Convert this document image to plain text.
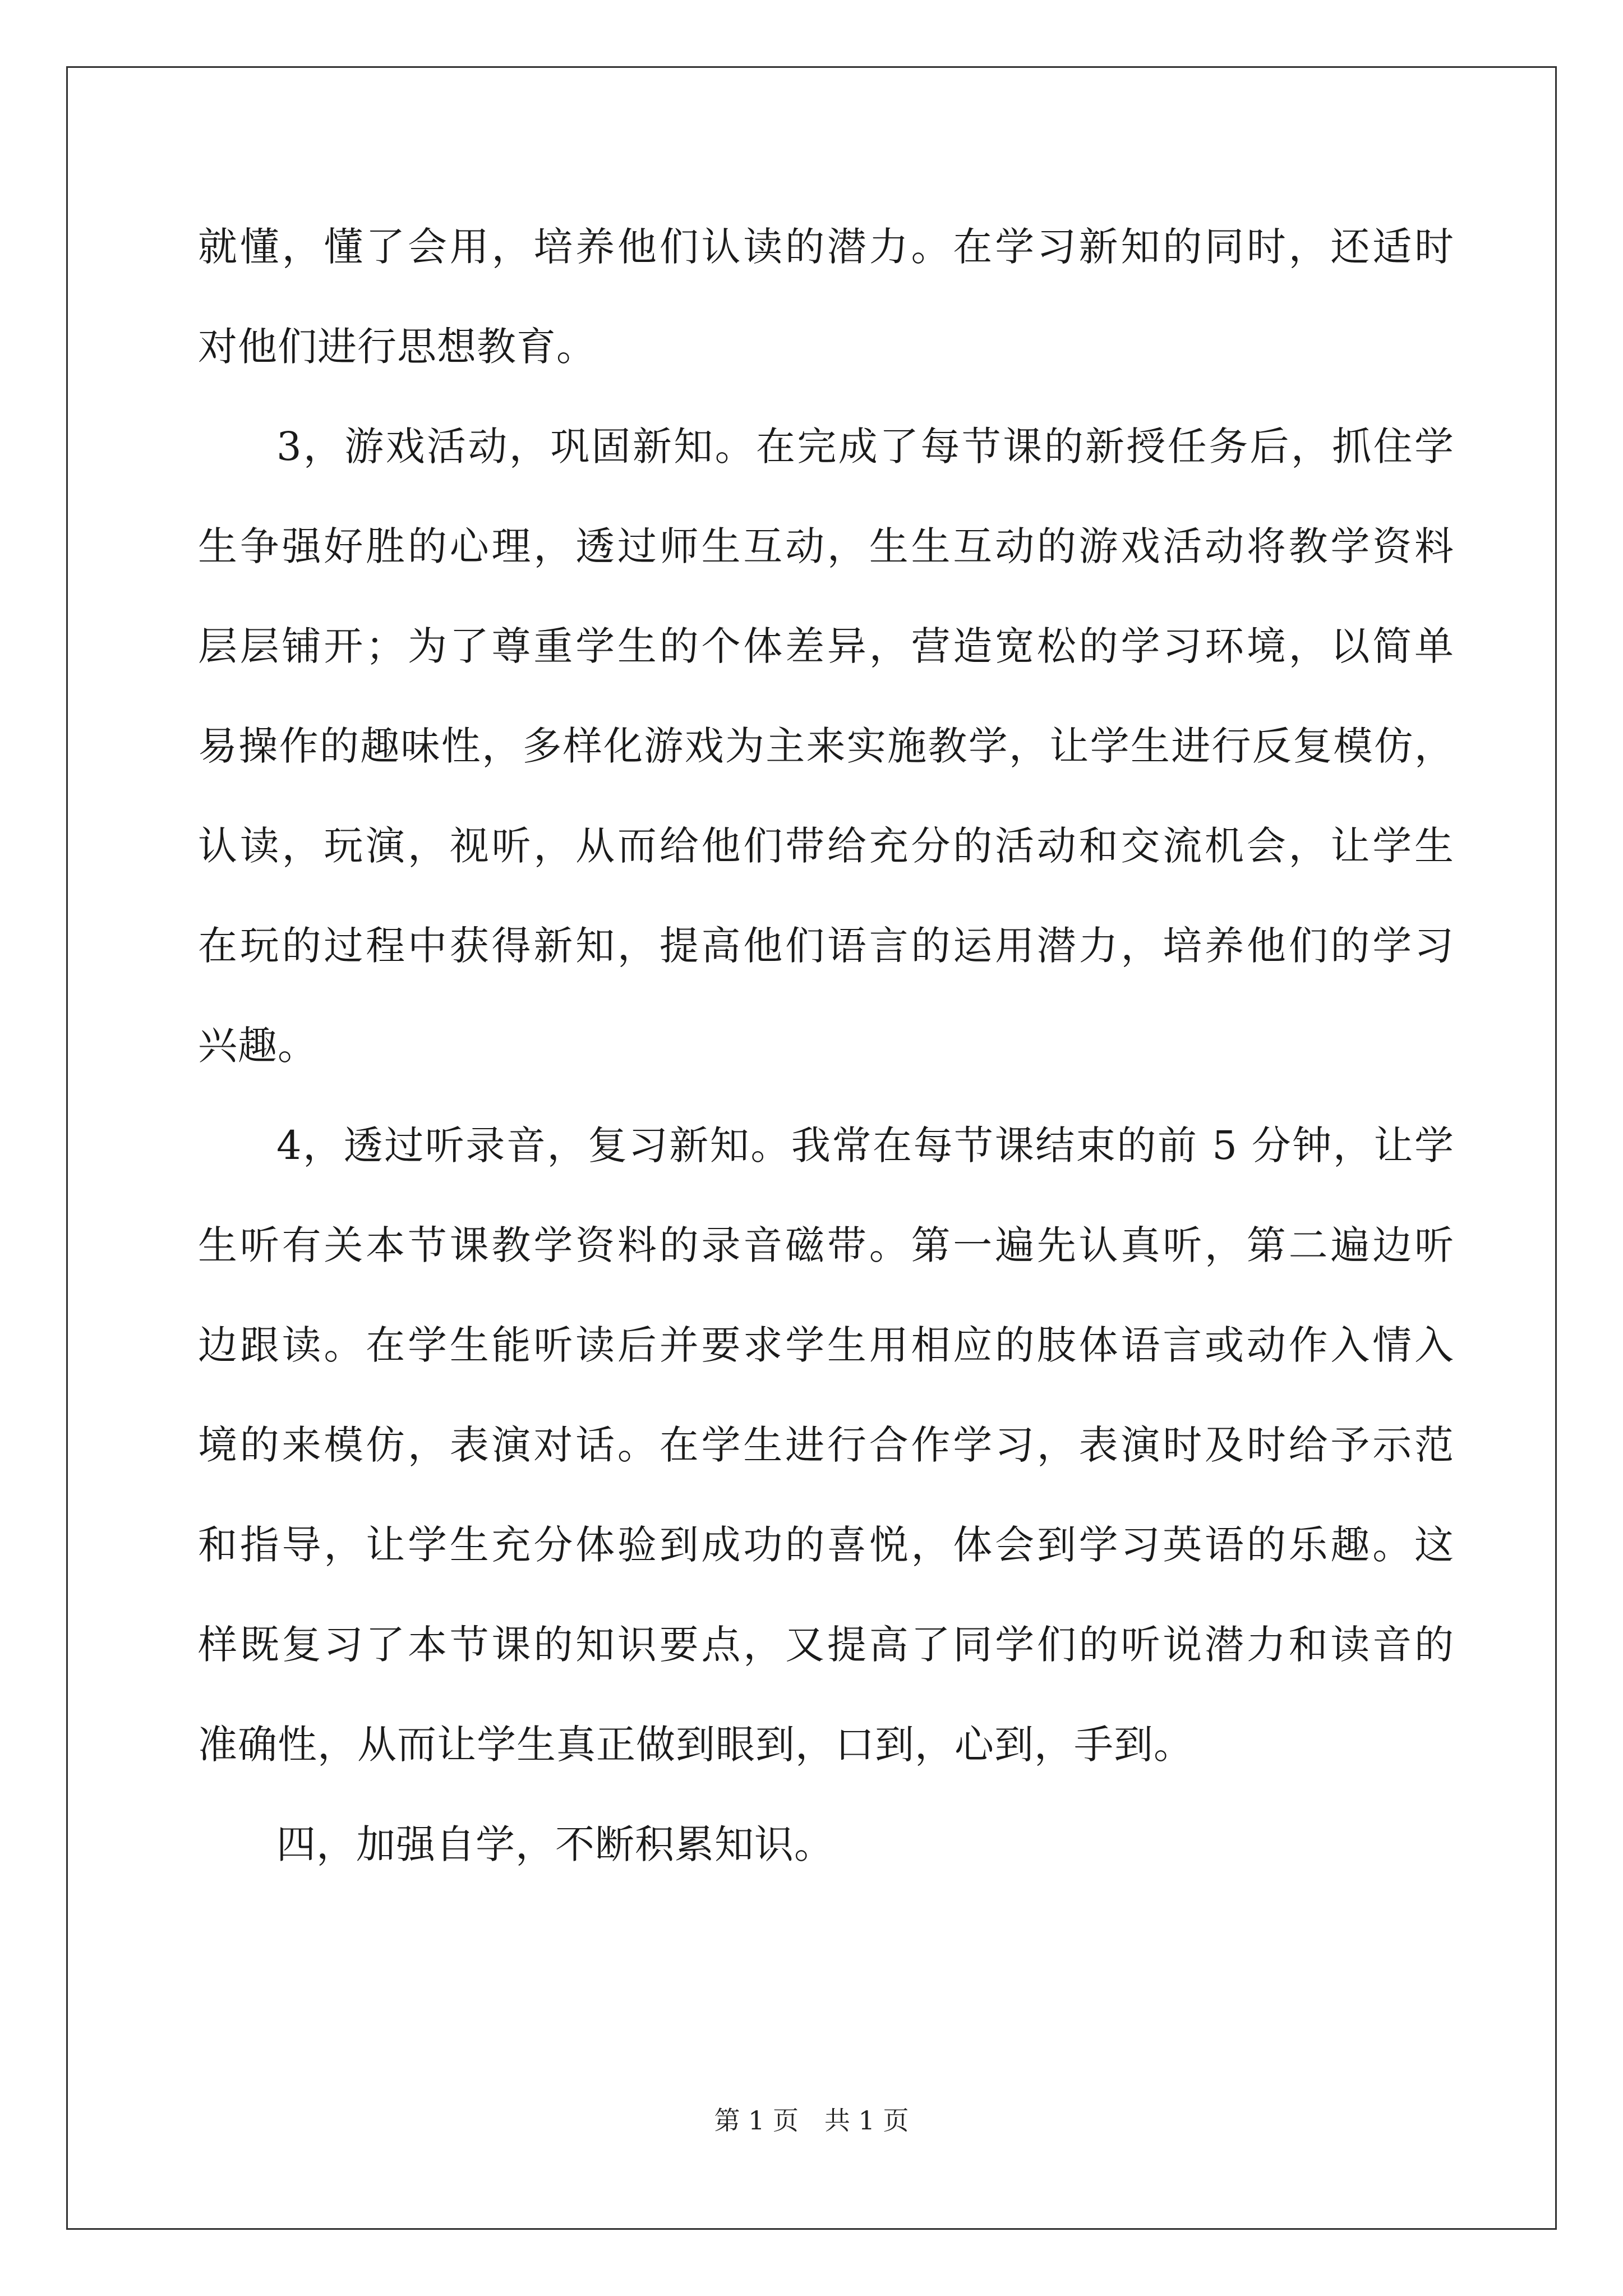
就懂，懂了会用，培养他们认读的潜力。在学习新知的同时，还适时
对他们进行思想教育。
3，游戏活动，巩固新知。在完成了每节课的新授任务后，抓住学
生争强好胜的心理，透过师生互动，生生互动的游戏活动将教学资料
层层铺开；为了尊重学生的个体差异，营造宽松的学习环境，以简单
易操作的趣味性，多样化游戏为主来实施教学，让学生进行反复模仿，
认读，玩演，视听，从而给他们带给充分的活动和交流机会，让学生
在玩的过程中获得新知，提高他们语言的运用潜力，培养他们的学习
兴趣。
4，透过听录音，复习新知。我常在每节课结束的前 5 分钟，让学
生听有关本节课教学资料的录音磁带。第一遍先认真听，第二遍边听
边跟读。在学生能听读后并要求学生用相应的肢体语言或动作入情入
境的来模仿，表演对话。在学生进行合作学习，表演时及时给予示范
和指导，让学生充分体验到成功的喜悦，体会到学习英语的乐趣。这
样既复习了本节课的知识要点，又提高了同学们的听说潜力和读音的
准确性，从而让学生真正做到眼到，口到，心到，手到。
四，加强自学，不断积累知识。
第 1 页　共 1 页
